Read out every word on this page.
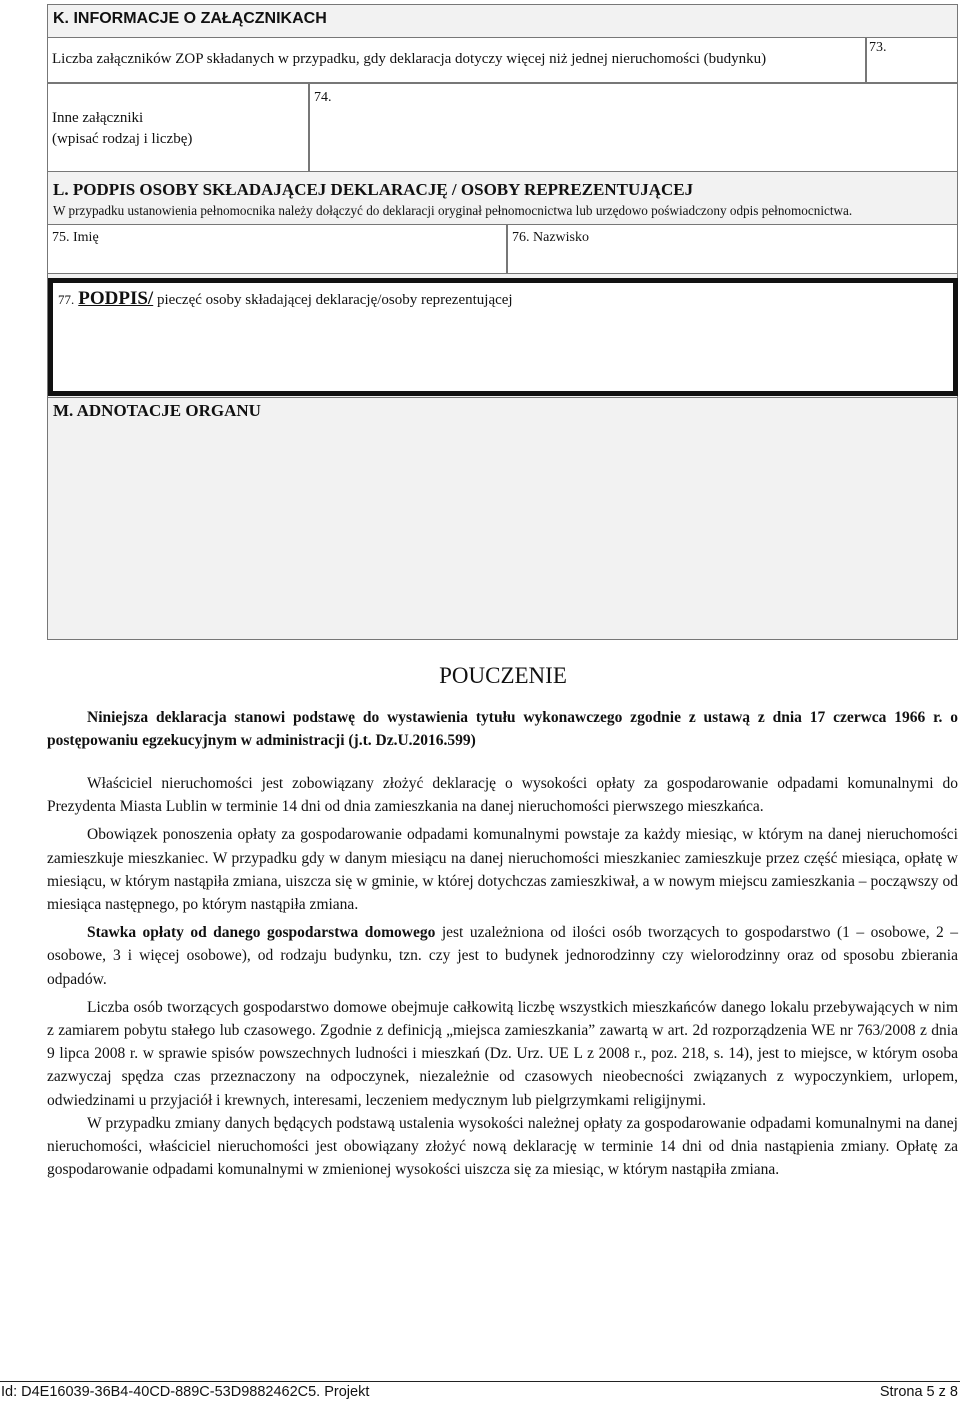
K. INFORMACJE O ZAŁĄCZNIKACH
Liczba załączników ZOP składanych w przypadku, gdy deklaracja dotyczy więcej niż jednej nieruchomości (budynku)
73.
Inne załączniki
(wpisać rodzaj i liczbę)
74.
L. PODPIS OSOBY SKŁADAJĄCEJ DEKLARACJĘ / OSOBY REPREZENTUJĄCEJ
W przypadku ustanowienia pełnomocnika należy dołączyć do deklaracji oryginał pełnomocnictwa lub urzędowo poświadczony odpis pełnomocnictwa.
75. Imię	76. Nazwisko
77. PODPIS/ pieczęć osoby składającej deklarację/osoby reprezentującej
M. ADNOTACJE ORGANU
POUCZENIE

Niniejsza deklaracja stanowi podstawę do wystawienia tytułu wykonawczego zgodnie z ustawą z dnia 17 czerwca 1966 r. o postępowaniu egzekucyjnym w administracji (j.t. Dz.U.2016.599)

Właściciel nieruchomości jest zobowiązany złożyć deklarację o wysokości opłaty za gospodarowanie odpadami komunalnymi do Prezydenta Miasta Lublin w terminie 14 dni od dnia zamieszkania na danej nieruchomości pierwszego mieszkańca.

Obowiązek ponoszenia opłaty za gospodarowanie odpadami komunalnymi powstaje za każdy miesiąc, w którym na danej nieruchomości zamieszkuje mieszkaniec. W przypadku gdy w danym miesiącu na danej nieruchomości mieszkaniec zamieszkuje przez część miesiąca, opłatę w miesiącu, w którym nastąpiła zmiana, uiszcza się w gminie, w której dotychczas zamieszkiwał, a w nowym miejscu zamieszkania – począwszy od miesiąca następnego, po którym nastąpiła zmiana.

Stawka opłaty od danego gospodarstwa domowego jest uzależniona od ilości osób tworzących to gospodarstwo (1 – osobowe, 2 – osobowe, 3 i więcej osobowe), od rodzaju budynku, tzn. czy jest to budynek jednorodzinny czy wielorodzinny oraz od sposobu zbierania odpadów.

Liczba osób tworzących gospodarstwo domowe obejmuje całkowitą liczbę wszystkich mieszkańców danego lokalu przebywających w nim z zamiarem pobytu stałego lub czasowego. Zgodnie z definicją „miejsca zamieszkania” zawartą w art. 2d rozporządzenia WE nr 763/2008 z dnia 9 lipca 2008 r. w sprawie spisów powszechnych ludności i mieszkań (Dz. Urz. UE L z 2008 r., poz. 218, s. 14), jest to miejsce, w którym osoba zazwyczaj spędza czas przeznaczony na odpoczynek, niezależnie od czasowych nieobecności związanych z wypoczynkiem, urlopem, odwiedzinami u przyjaciół i krewnych, interesami, leczeniem medycznym lub pielgrzymkami religijnymi.

W przypadku zmiany danych będących podstawą ustalenia wysokości należnej opłaty za gospodarowanie odpadami komunalnymi na danej nieruchomości, właściciel nieruchomości jest obowiązany złożyć nową deklarację w terminie 14 dni od dnia nastąpienia zmiany. Opłatę za gospodarowanie odpadami komunalnymi w zmienionej wysokości uiszcza się za miesiąc, w którym nastąpiła zmiana.

Id: D4E16039-36B4-40CD-889C-53D9882462C5. Projekt	Strona 5 z 8
